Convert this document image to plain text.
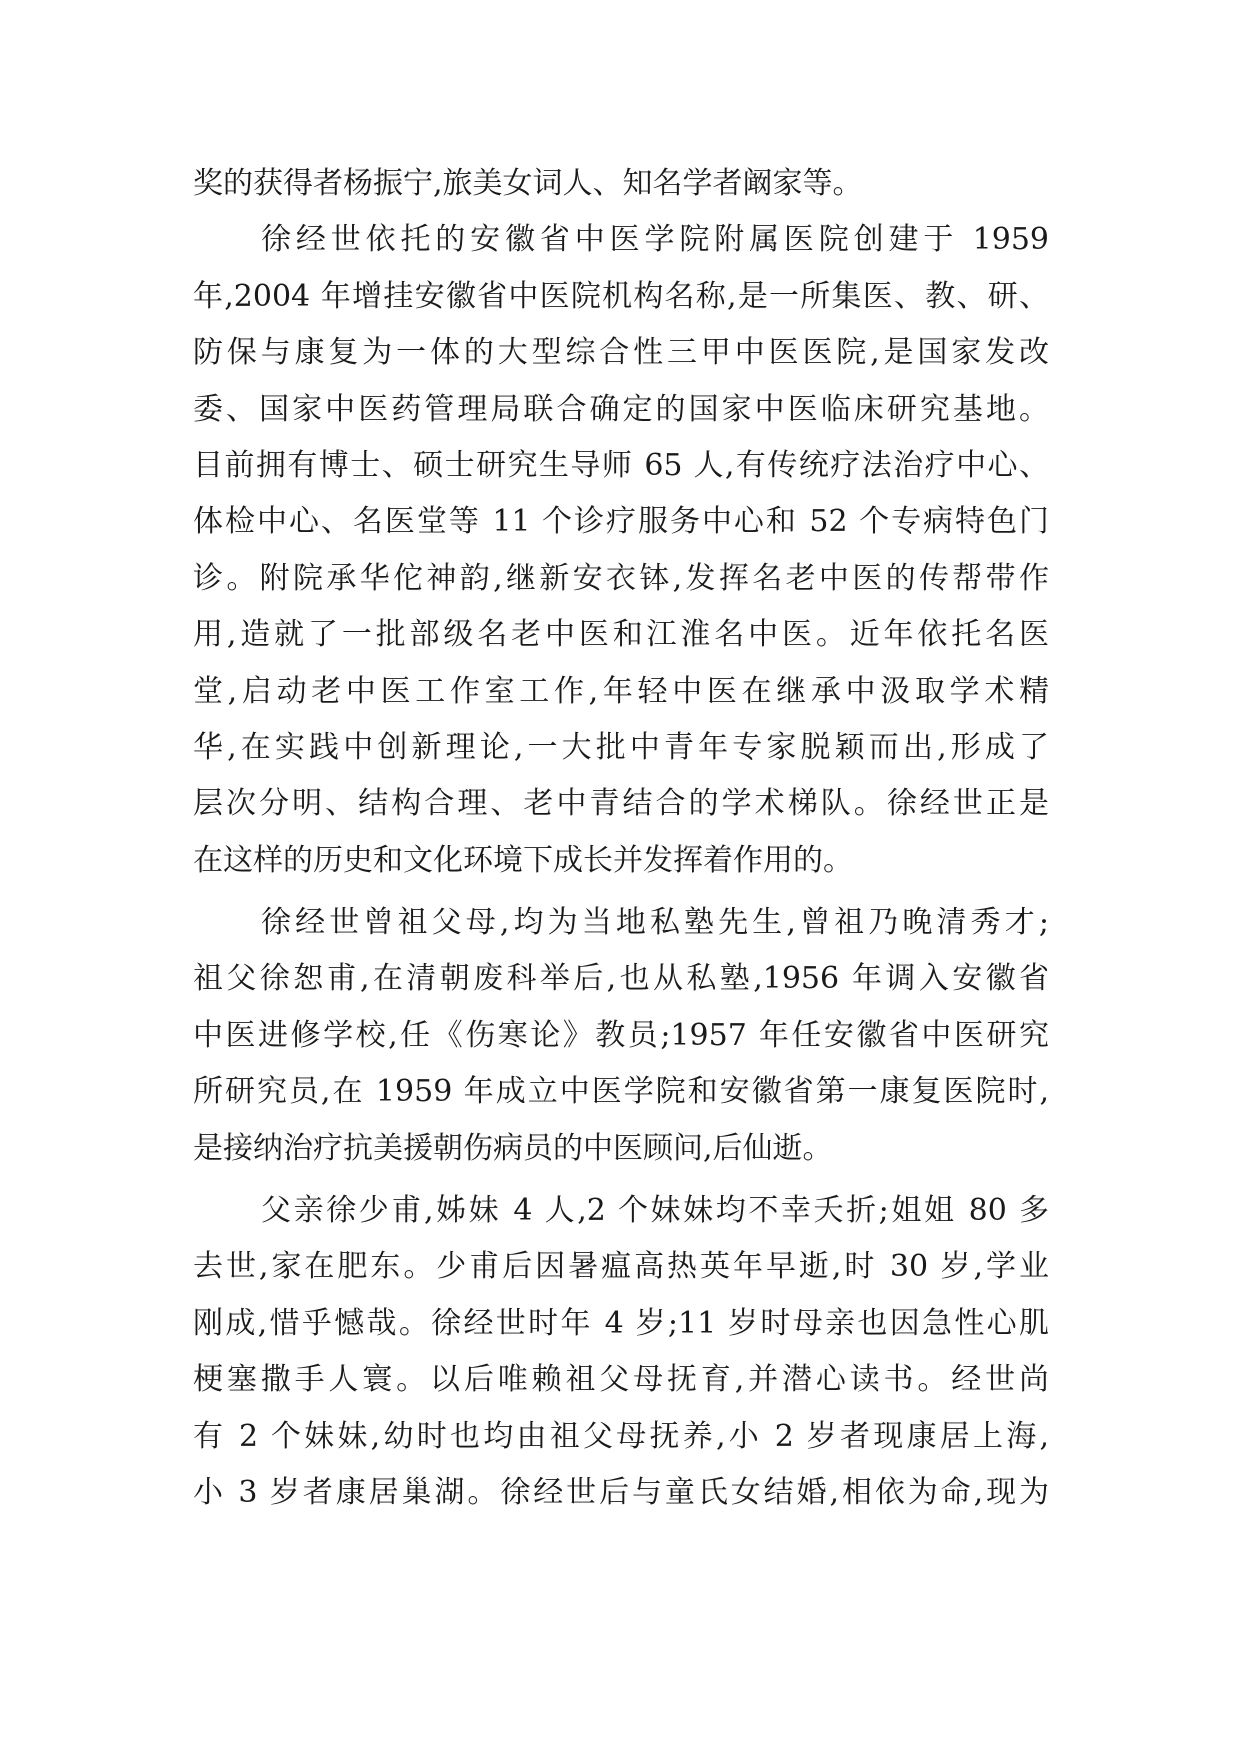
奖的获得者杨振宁,旅美女词人、知名学者阚家等。
徐经世依托的安徽省中医学院附属医院创建于 1959
年,2004 年增挂安徽省中医院机构名称,是一所集医、教、研、
防保与康复为一体的大型综合性三甲中医医院,是国家发改
委、国家中医药管理局联合确定的国家中医临床研究基地。
目前拥有博士、硕士研究生导师 65 人,有传统疗法治疗中心、
体检中心、名医堂等 11 个诊疗服务中心和 52 个专病特色门
诊。附院承华佗神韵,继新安衣钵,发挥名老中医的传帮带作
用,造就了一批部级名老中医和江淮名中医。近年依托名医
堂,启动老中医工作室工作,年轻中医在继承中汲取学术精
华,在实践中创新理论,一大批中青年专家脱颖而出,形成了
层次分明、结构合理、老中青结合的学术梯队。徐经世正是
在这样的历史和文化环境下成长并发挥着作用的。
徐经世曾祖父母,均为当地私塾先生,曾祖乃晚清秀才;
祖父徐恕甫,在清朝废科举后,也从私塾,1956 年调入安徽省
中医进修学校,任《伤寒论》教员;1957 年任安徽省中医研究
所研究员,在 1959 年成立中医学院和安徽省第一康复医院时,
是接纳治疗抗美援朝伤病员的中医顾问,后仙逝。
父亲徐少甫,姊妹 4 人,2 个妹妹均不幸夭折;姐姐 80 多
去世,家在肥东。少甫后因暑瘟高热英年早逝,时 30 岁,学业
刚成,惜乎憾哉。徐经世时年 4 岁;11 岁时母亲也因急性心肌
梗塞撒手人寰。以后唯赖祖父母抚育,并潜心读书。经世尚
有 2 个妹妹,幼时也均由祖父母抚养,小 2 岁者现康居上海,
小 3 岁者康居巢湖。徐经世后与童氏女结婚,相依为命,现为
